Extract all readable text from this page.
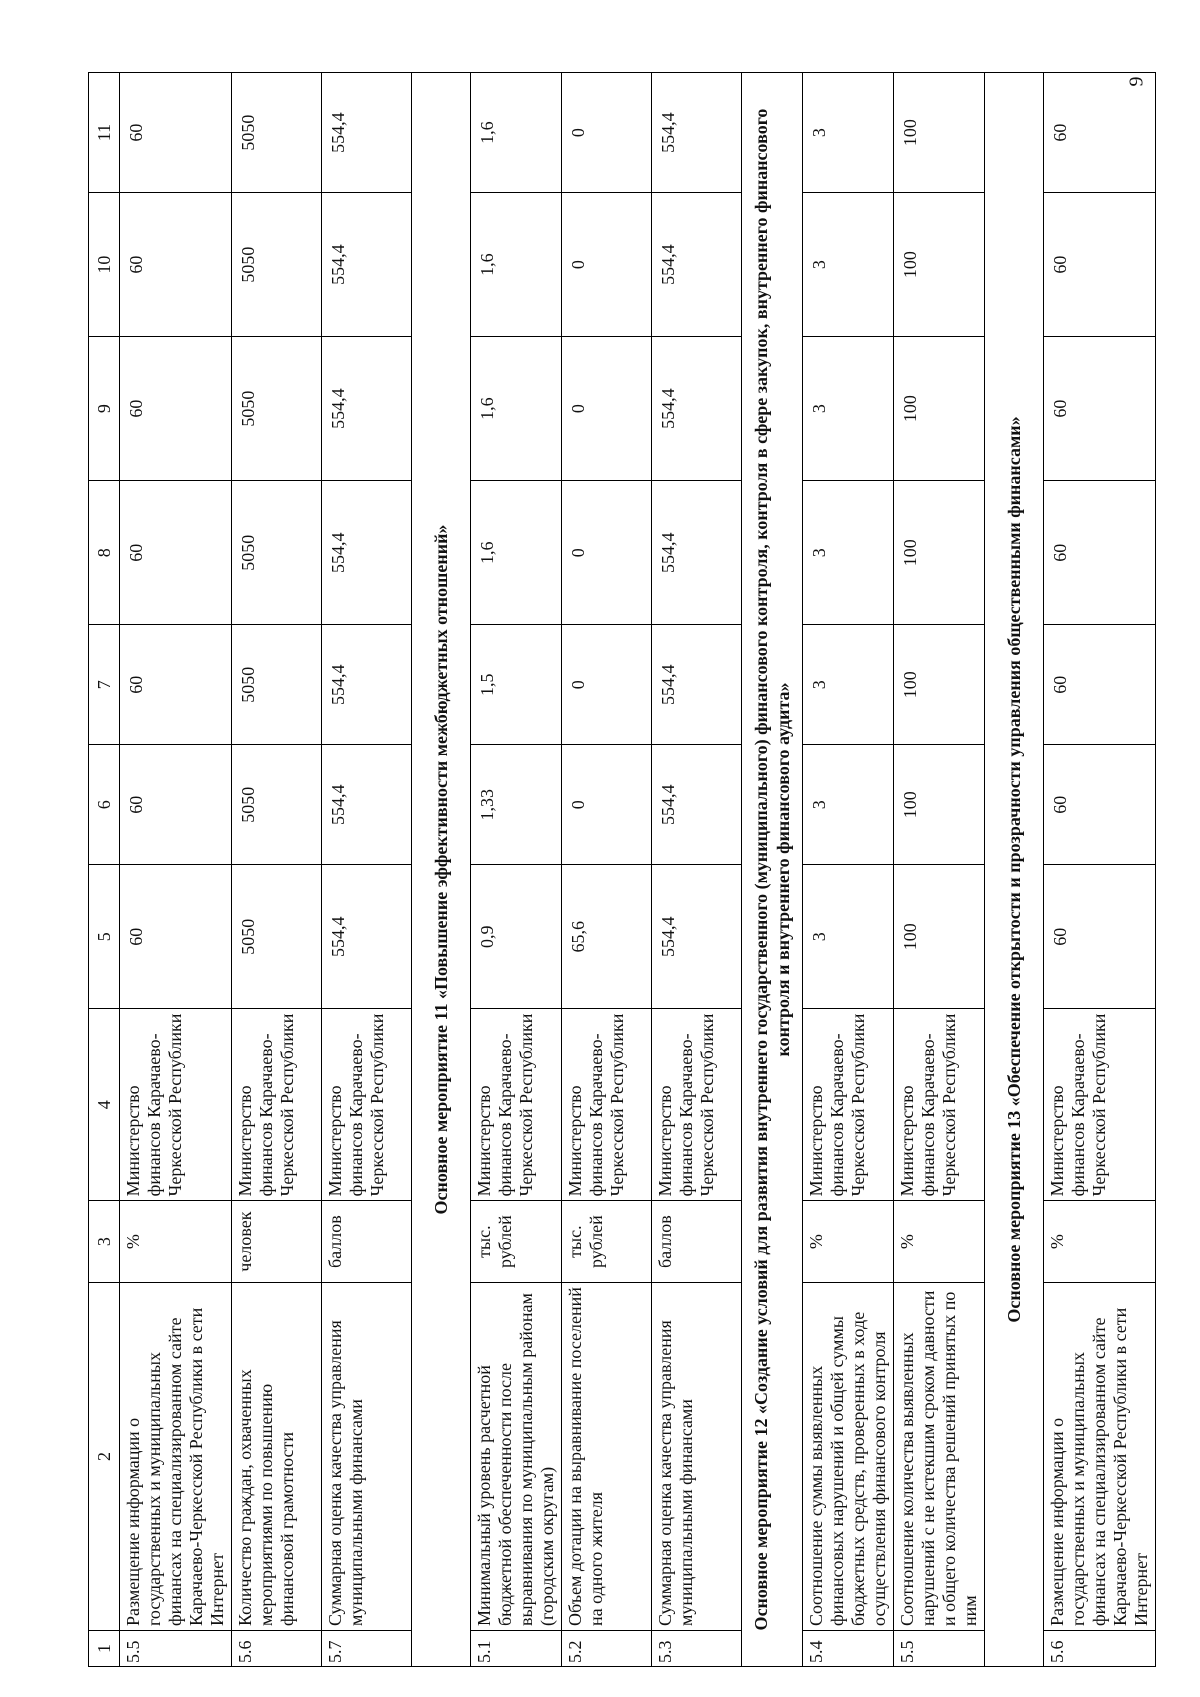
9
1	2	3	4	5	6	7	8	9	10	11
5.5	Размещение информации о государственных и муниципальных финансах на специализированном сайте Карачаево-Черкесской Республики в сети Интернет	%	Министерство финансов Карачаево-Черкесской Республики	60	60	60	60	60	60	60
5.6	Количество граждан, охваченных мероприятиями по повышению финансовой грамотности	человек	Министерство финансов Карачаево-Черкесской Республики	5050	5050	5050	5050	5050	5050	5050
5.7	Суммарная оценка качества управления муниципальными финансами	баллов	Министерство финансов Карачаево-Черкесской Республики	554,4	554,4	554,4	554,4	554,4	554,4	554,4
Основное мероприятие 11 «Повышение эффективности межбюджетных отношений»										
5.1	Минимальный уровень расчетной бюджетной обеспеченности после выравнивания по муниципальным районам (городским округам)	тыс. рублей	Министерство финансов Карачаево-Черкесской Республики	0,9	1,33	1,5	1,6	1,6	1,6	1,6
5.2	Объем дотации на выравнивание поселений на одного жителя	тыс. рублей	Министерство финансов Карачаево-Черкесской Республики	65,6	0	0	0	0	0	0
5.3	Суммарная оценка качества управления муниципальными финансами	баллов	Министерство финансов Карачаево-Черкесской Республики	554,4	554,4	554,4	554,4	554,4	554,4	554,4
Основное мероприятие 12 «Создание условий для развития внутреннего государственного (муниципального) финансового контроля, контроля в сфере закупок, внутреннего финансового контроля и внутреннего финансового аудита»										
5.4	Соотношение суммы выявленных финансовых нарушений и общей суммы бюджетных средств, проверенных в ходе осуществления финансового контроля	%	Министерство финансов Карачаево-Черкесской Республики	3	3	3	3	3	3	3
5.5	Соотношение количества выявленных нарушений с не истекшим сроком давности и общего количества решений принятых по ним	%	Министерство финансов Карачаево-Черкесской Республики	100	100	100	100	100	100	100
Основное мероприятие 13 «Обеспечение открытости и прозрачности управления общественными финансами»										
5.6	Размещение информации о государственных и муниципальных финансах на специализированном сайте Карачаево-Черкесской Республики в сети Интернет	%	Министерство финансов Карачаево-Черкесской Республики	60	60	60	60	60	60	60
